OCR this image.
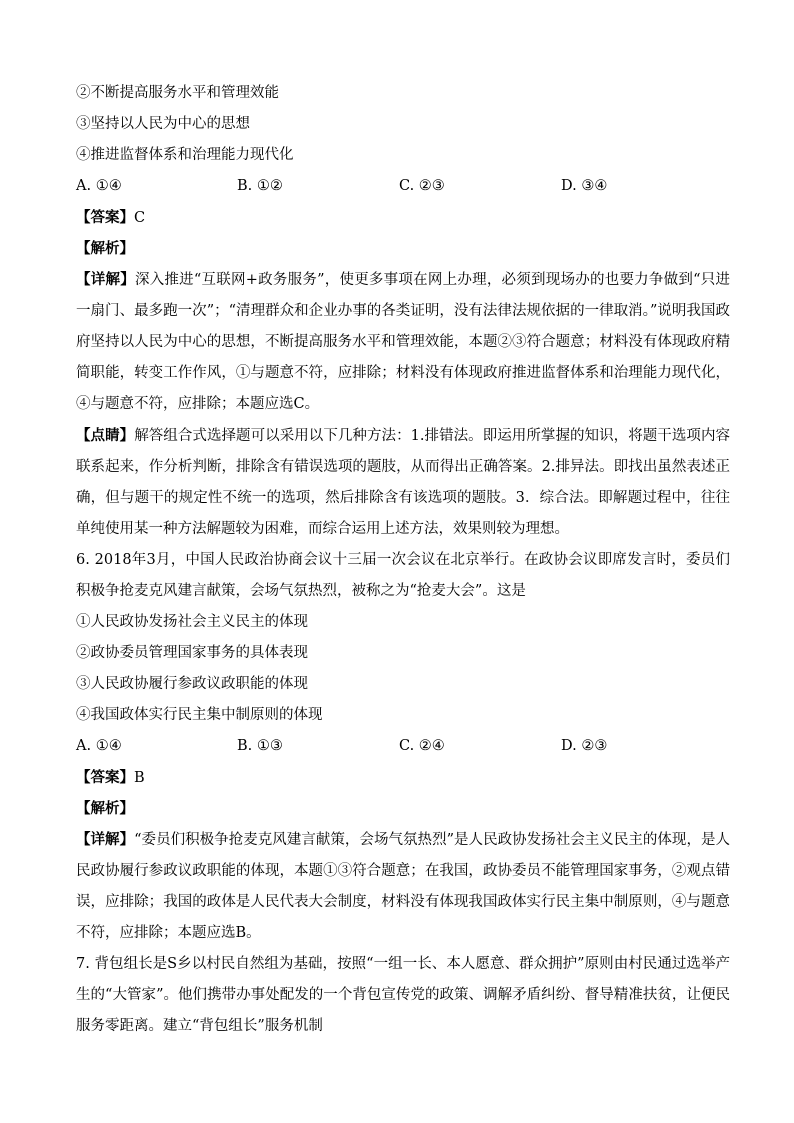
②不断提高服务水平和管理效能
③坚持以人民为中心的思想
④推进监督体系和治理能力现代化
A. ①④	B. ①②	C. ②③	D. ③④
【答案】C
【解析】
【详解】深入推进“互联网+政务服务”，使更多事项在网上办理，必须到现场办的也要力争做到“只进一扇门、最多跑一次”；“清理群众和企业办事的各类证明，没有法律法规依据的一律取消。”说明我国政府坚持以人民为中心的思想，不断提高服务水平和管理效能，本题②③符合题意；材料没有体现政府精简职能，转变工作作风，①与题意不符，应排除；材料没有体现政府推进监督体系和治理能力现代化，④与题意不符，应排除；本题应选C。
【点睛】解答组合式选择题可以采用以下几种方法：1.排错法。即运用所掌握的知识，将题干选项内容联系起来，作分析判断，排除含有错误选项的题肢，从而得出正确答案。2.排异法。即找出虽然表述正确，但与题干的规定性不统一的选项，然后排除含有该选项的题肢。3．综合法。即解题过程中，往往单纯使用某一种方法解题较为困难，而综合运用上述方法，效果则较为理想。
6. 2018年3月，中国人民政治协商会议十三届一次会议在北京举行。在政协会议即席发言时，委员们积极争抢麦克风建言献策，会场气氛热烈，被称之为“抢麦大会”。这是
①人民政协发扬社会主义民主的体现
②政协委员管理国家事务的具体表现
③人民政协履行参政议政职能的体现
④我国政体实行民主集中制原则的体现
A. ①④	B. ①③	C. ②④	D. ②③
【答案】B
【解析】
【详解】“委员们积极争抢麦克风建言献策，会场气氛热烈”是人民政协发扬社会主义民主的体现，是人民政协履行参政议政职能的体现，本题①③符合题意；在我国，政协委员不能管理国家事务，②观点错误，应排除；我国的政体是人民代表大会制度，材料没有体现我国政体实行民主集中制原则，④与题意不符，应排除；本题应选B。
7. 背包组长是S乡以村民自然组为基础，按照“一组一长、本人愿意、群众拥护”原则由村民通过选举产生的“大管家”。他们携带办事处配发的一个背包宣传党的政策、调解矛盾纠纷、督导精准扶贫，让便民服务零距离。建立“背包组长”服务机制
